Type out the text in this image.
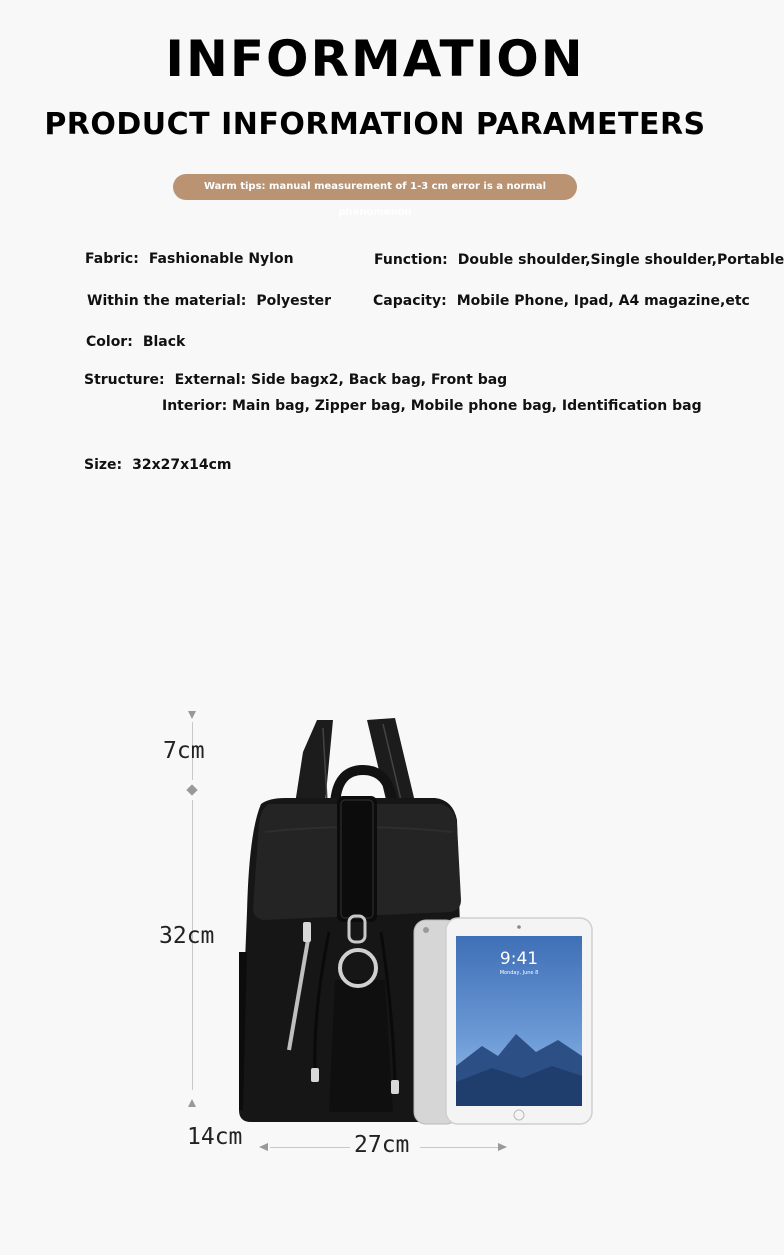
INFORMATION
PRODUCT INFORMATION PARAMETERS
Warm tips: manual measurement of 1-3 cm error is a normal phenomenon
Fabric: Fashionable Nylon	Function: Double shoulder,Single shoulder,Portable
Within the material: Polyester	Capacity: Mobile Phone, Ipad, A4 magazine,etc
Color: Black
Structure: External: Side bagx2, Back bag, Front bag
Interior: Main bag, Zipper bag, Mobile phone bag, Identification bag
Size: 32x27x14cm
7cm
32cm
14cm	27cm
9:41
Monday, June 8
